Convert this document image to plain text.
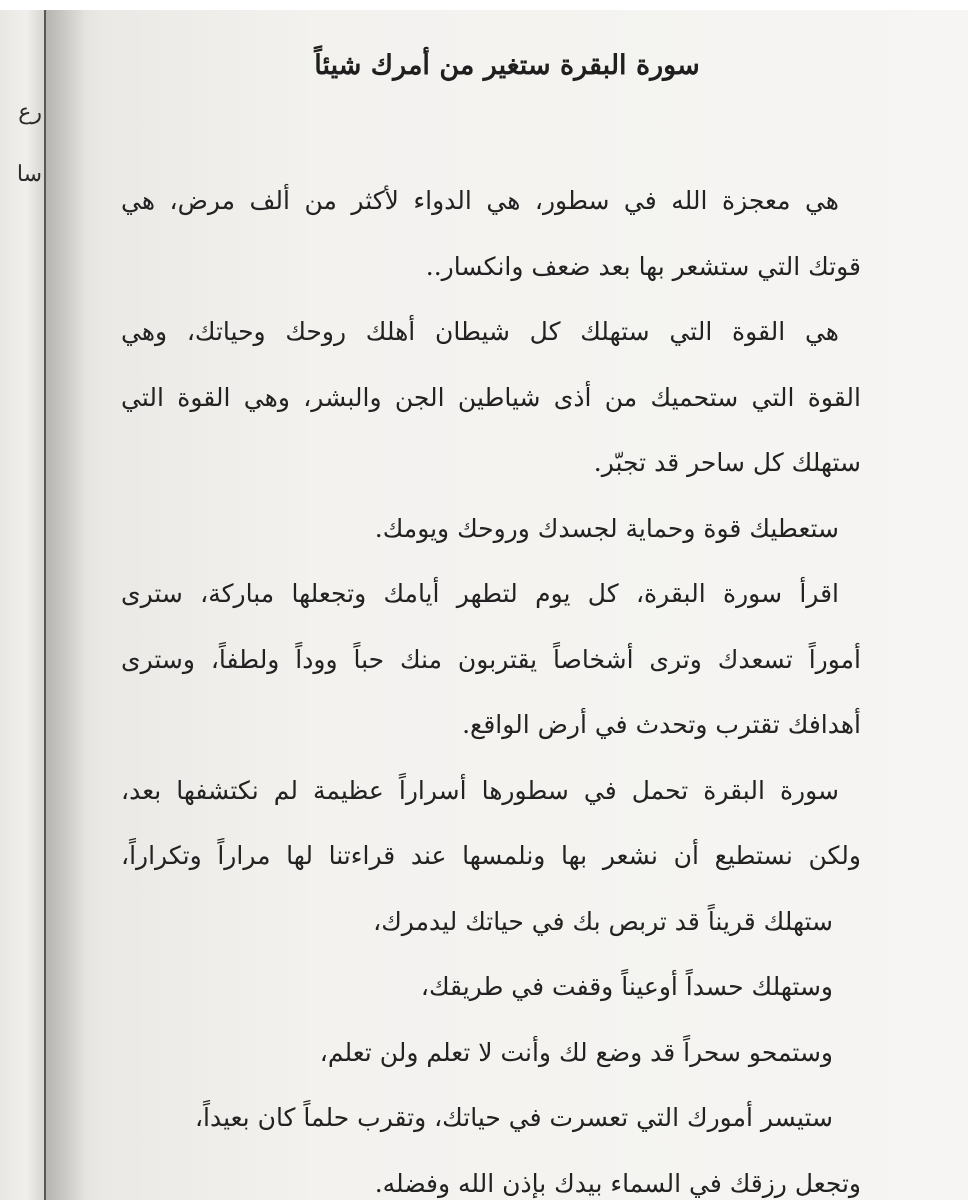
رع
سا
سورة البقرة ستغير من أمرك شيئاً
هي معجزة الله في سطور، هي الدواء لأكثر من ألف مرض، هي
قوتك التي ستشعر بها بعد ضعف وانكسار..
هي القوة التي ستهلك كل شيطان أهلك روحك وحياتك، وهي
القوة التي ستحميك من أذى شياطين الجن والبشر، وهي القوة التي
ستهلك كل ساحر قد تجبّر.
ستعطيك قوة وحماية لجسدك وروحك ويومك.
اقرأ سورة البقرة، كل يوم لتطهر أيامك وتجعلها مباركة، سترى
أموراً تسعدك وترى أشخاصاً يقتربون منك حباً ووداً ولطفاً، وسترى
أهدافك تقترب وتحدث في أرض الواقع.
سورة البقرة تحمل في سطورها أسراراً عظيمة لم نكتشفها بعد،
ولكن نستطيع أن نشعر بها ونلمسها عند قراءتنا لها مراراً وتكراراً،
ستهلك قريناً قد تربص بك في حياتك ليدمرك،
وستهلك حسداً أوعيناً وقفت في طريقك،
وستمحو سحراً قد وضع لك وأنت لا تعلم ولن تعلم،
ستيسر أمورك التي تعسرت في حياتك، وتقرب حلماً كان بعيداً،
وتجعل رزقك في السماء بيدك بإذن الله وفضله.
